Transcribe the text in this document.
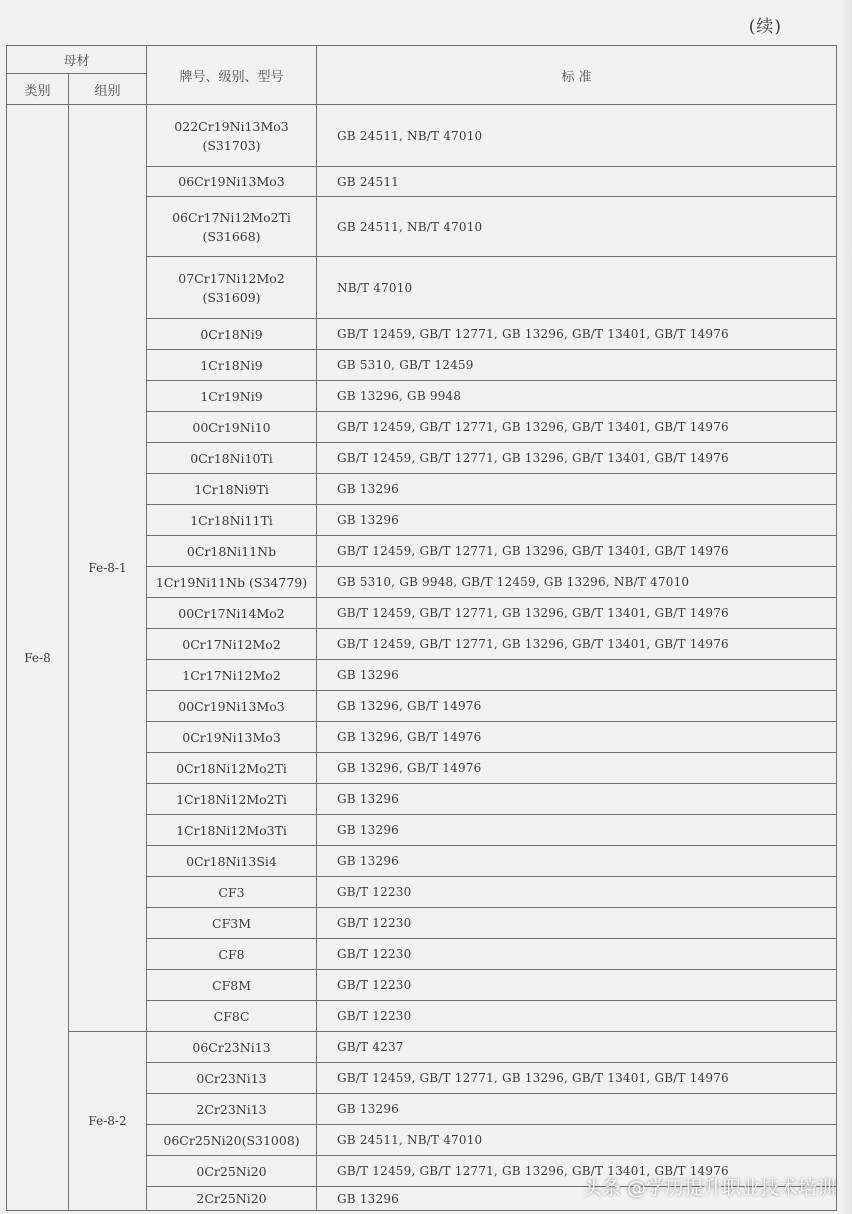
(续)
母材		牌号、级别、型号	标 准
类别	组别		
Fe-8	Fe-8-1	022Cr19Ni13Mo3
(S31703)	GB 24511, NB/T 47010

		06Cr19Ni13Mo3	GB 24511

		06Cr17Ni12Mo2Ti
(S31668)	GB 24511, NB/T 47010

		07Cr17Ni12Mo2
(S31609)	NB/T 47010

		0Cr18Ni9	GB/T 12459, GB/T 12771, GB 13296, GB/T 13401, GB/T 14976

		1Cr18Ni9	GB 5310, GB/T 12459

		1Cr19Ni9	GB 13296, GB 9948

		00Cr19Ni10	GB/T 12459, GB/T 12771, GB 13296, GB/T 13401, GB/T 14976

		0Cr18Ni10Ti	GB/T 12459, GB/T 12771, GB 13296, GB/T 13401, GB/T 14976

		1Cr18Ni9Ti	GB 13296

		1Cr18Ni11Ti	GB 13296

		0Cr18Ni11Nb	GB/T 12459, GB/T 12771, GB 13296, GB/T 13401, GB/T 14976

		1Cr19Ni11Nb (S34779)	GB 5310, GB 9948, GB/T 12459, GB 13296, NB/T 47010

		00Cr17Ni14Mo2	GB/T 12459, GB/T 12771, GB 13296, GB/T 13401, GB/T 14976

		0Cr17Ni12Mo2	GB/T 12459, GB/T 12771, GB 13296, GB/T 13401, GB/T 14976

		1Cr17Ni12Mo2	GB 13296

		00Cr19Ni13Mo3	GB 13296, GB/T 14976

		0Cr19Ni13Mo3	GB 13296, GB/T 14976

		0Cr18Ni12Mo2Ti	GB 13296, GB/T 14976

		1Cr18Ni12Mo2Ti	GB 13296

		1Cr18Ni12Mo3Ti	GB 13296

		0Cr18Ni13Si4	GB 13296

		CF3	GB/T 12230

		CF3M	GB/T 12230

		CF8	GB/T 12230

		CF8M	GB/T 12230

		CF8C	GB/T 12230
	Fe-8-2	06Cr23Ni13	GB/T 4237

		0Cr23Ni13	GB/T 12459, GB/T 12771, GB 13296, GB/T 13401, GB/T 14976

		2Cr23Ni13	GB 13296

		06Cr25Ni20(S31008)	GB 24511, NB/T 47010

		0Cr25Ni20	GB/T 12459, GB/T 12771, GB 13296, GB/T 13401, GB/T 14976

		2Cr25Ni20	GB 13296	头条 @学历提升职业技术培训
